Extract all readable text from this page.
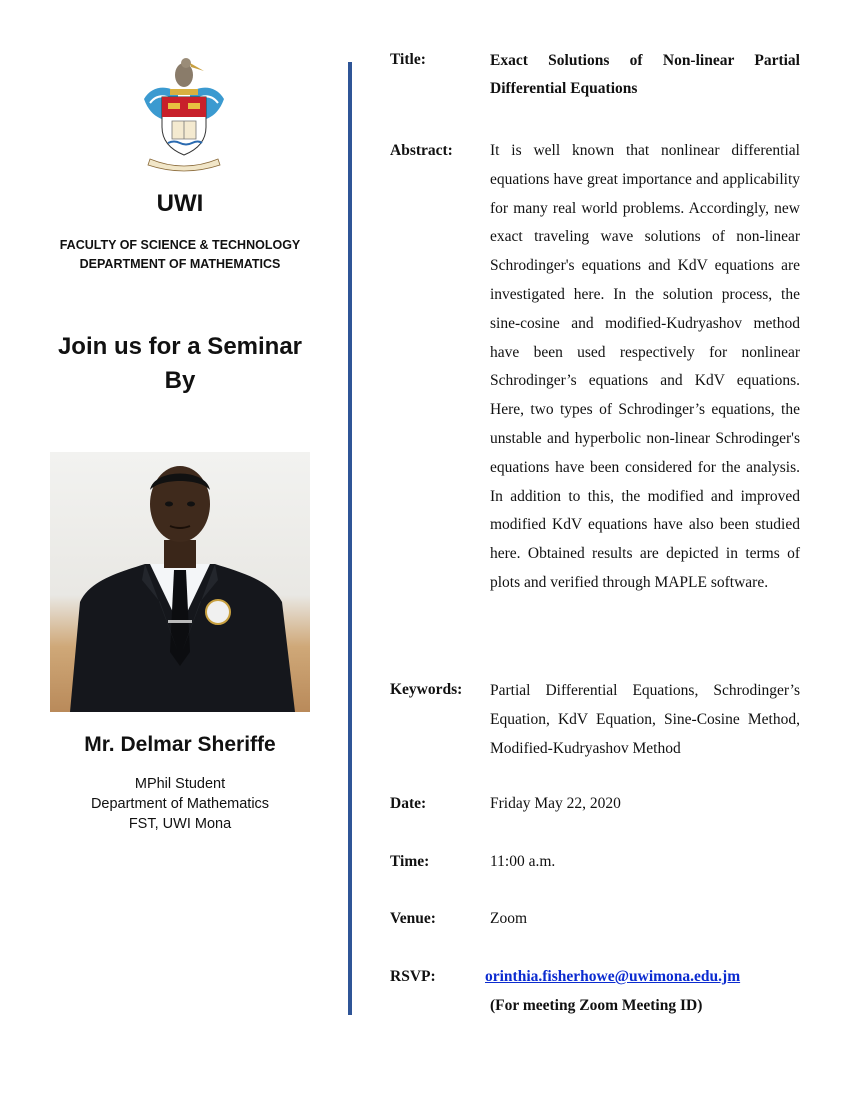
UWI
FACULTY OF SCIENCE & TECHNOLOGY
DEPARTMENT OF MATHEMATICS
Join us for a Seminar
By
Mr. Delmar Sheriffe
MPhil Student
Department of Mathematics
FST, UWI Mona
Title:	Exact Solutions of Non-linear Partial Differential Equations
Abstract: It is well known that nonlinear differential equations have great importance and applicability for many real world problems. Accordingly, new exact traveling wave solutions of non-linear Schrodinger's equations and KdV equations are investigated here. In the solution process, the sine-cosine and modified-Kudryashov method have been used respectively for nonlinear Schrodinger’s equations and KdV equations. Here, two types of Schrodinger’s equations, the unstable and hyperbolic non-linear Schrodinger's equations have been considered for the analysis. In addition to this, the modified and improved modified KdV equations have also been studied here. Obtained results are depicted in terms of plots and verified through MAPLE software.
Keywords: Partial Differential Equations, Schrodinger’s Equation, KdV Equation, Sine-Cosine Method, Modified-Kudryashov Method
Date:	Friday May 22, 2020
Time:	11:00 a.m.
Venue:	Zoom
RSVP:	orinthia.fisherhowe@uwimona.edu.jm
(For meeting Zoom Meeting ID)
